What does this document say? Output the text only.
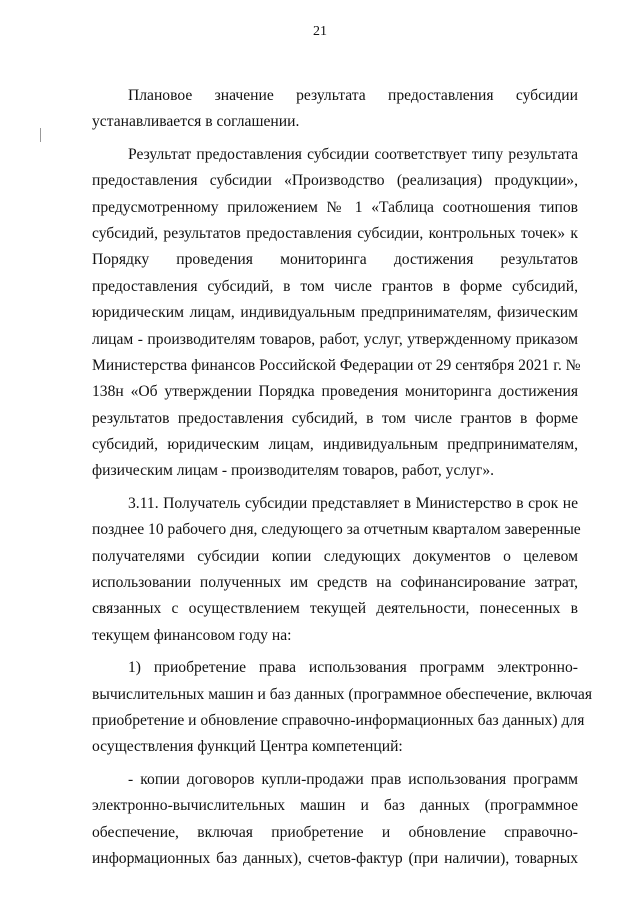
21
Плановое значение результата предоставления субсидии
устанавливается в соглашении.
Результат предоставления субсидии соответствует типу результата
предоставления субсидии «Производство (реализация) продукции»,
предусмотренному приложением № 1 «Таблица соотношения типов
субсидий, результатов предоставления субсидии, контрольных точек» к
Порядку проведения мониторинга достижения результатов
предоставления субсидий, в том числе грантов в форме субсидий,
юридическим лицам, индивидуальным предпринимателям, физическим
лицам - производителям товаров, работ, услуг, утвержденному приказом
Министерства финансов Российской Федерации от 29 сентября 2021 г. №
138н «Об утверждении Порядка проведения мониторинга достижения
результатов предоставления субсидий, в том числе грантов в форме
субсидий, юридическим лицам, индивидуальным предпринимателям,
физическим лицам - производителям товаров, работ, услуг».
3.11. Получатель субсидии представляет в Министерство в срок не
позднее 10 рабочего дня, следующего за отчетным кварталом заверенные
получателями субсидии копии следующих документов о целевом
использовании полученных им средств на софинансирование затрат,
связанных с осуществлением текущей деятельности, понесенных в
текущем финансовом году на:
1) приобретение права использования программ электронно-
вычислительных машин и баз данных (программное обеспечение, включая
приобретение и обновление справочно-информационных баз данных) для
осуществления функций Центра компетенций:
- копии договоров купли-продажи прав использования программ
электронно-вычислительных машин и баз данных (программное
обеспечение, включая приобретение и обновление справочно-
информационных баз данных), счетов-фактур (при наличии), товарных
